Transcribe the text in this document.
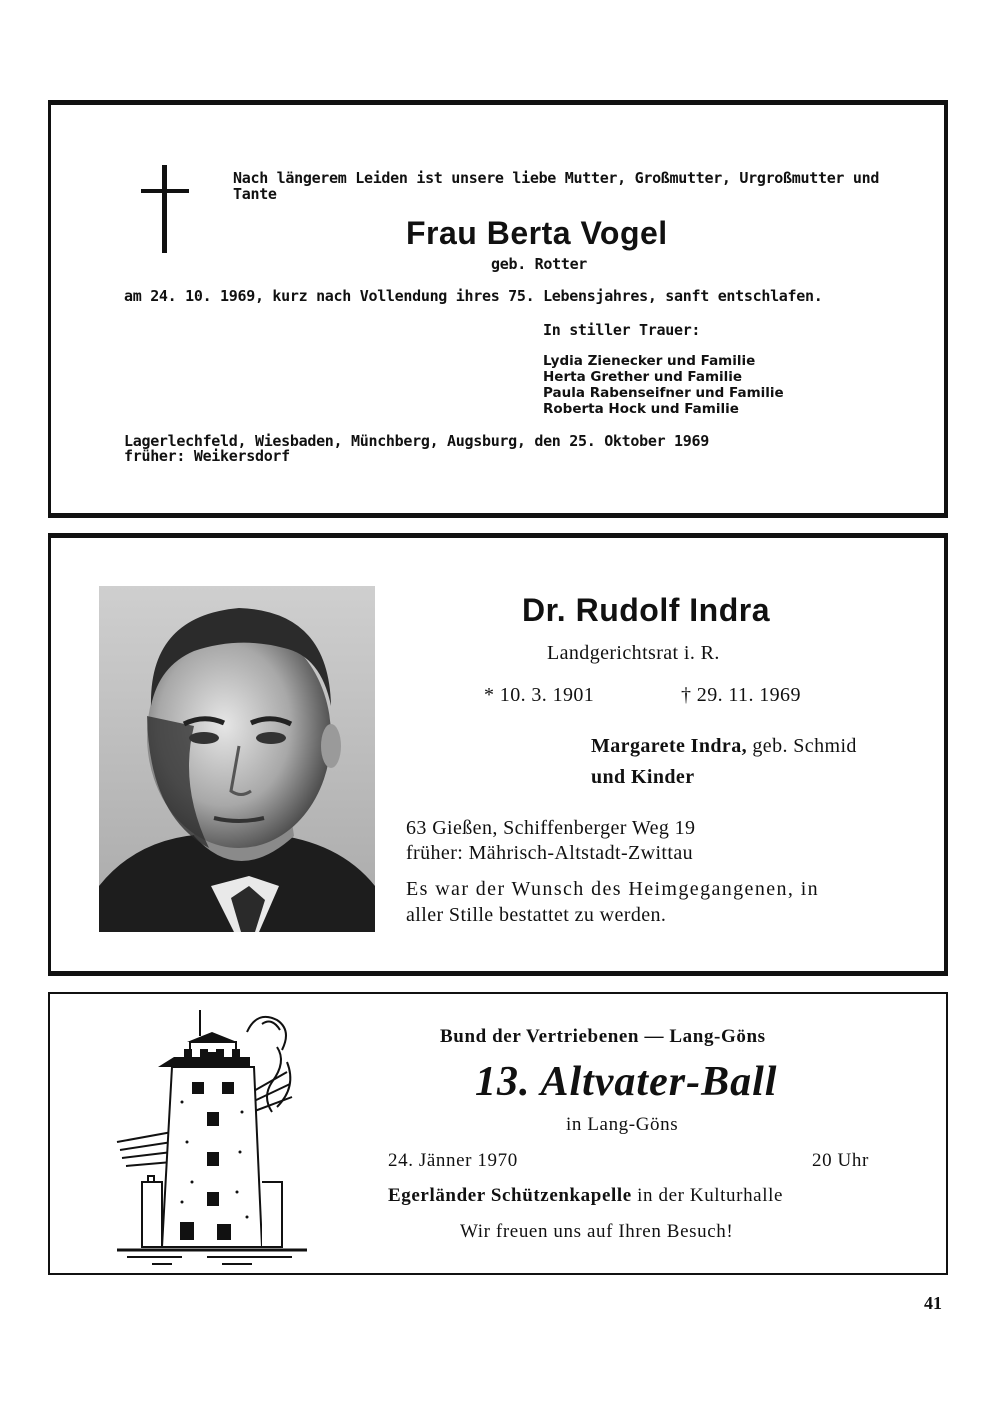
Nach längerem Leiden ist unsere liebe Mutter, Großmutter, Urgroßmutter und
Tante
Frau Berta Vogel
geb. Rotter
am 24. 10. 1969, kurz nach Vollendung ihres 75. Lebensjahres, sanft entschlafen.
In stiller Trauer:
Lydia Zienecker und Familie
Herta Grether und Familie
Paula Rabenseifner und Familie
Roberta Hock und Familie
Lagerlechfeld, Wiesbaden, Münchberg, Augsburg, den 25. Oktober 1969
früher: Weikersdorf
Dr. Rudolf Indra
Landgerichtsrat i. R.
* 10. 3. 1901	† 29. 11. 1969
Margarete Indra, geb. Schmid
und Kinder
63 Gießen, Schiffenberger Weg 19
früher: Mährisch-Altstadt-Zwittau
Es war der Wunsch des Heimgegangenen, in
aller Stille bestattet zu werden.
Bund der Vertriebenen — Lang-Göns
13. Altvater-Ball
in Lang-Göns
24. Jänner 1970	20 Uhr
Egerländer Schützenkapelle in der Kulturhalle
Wir freuen uns auf Ihren Besuch!
41
